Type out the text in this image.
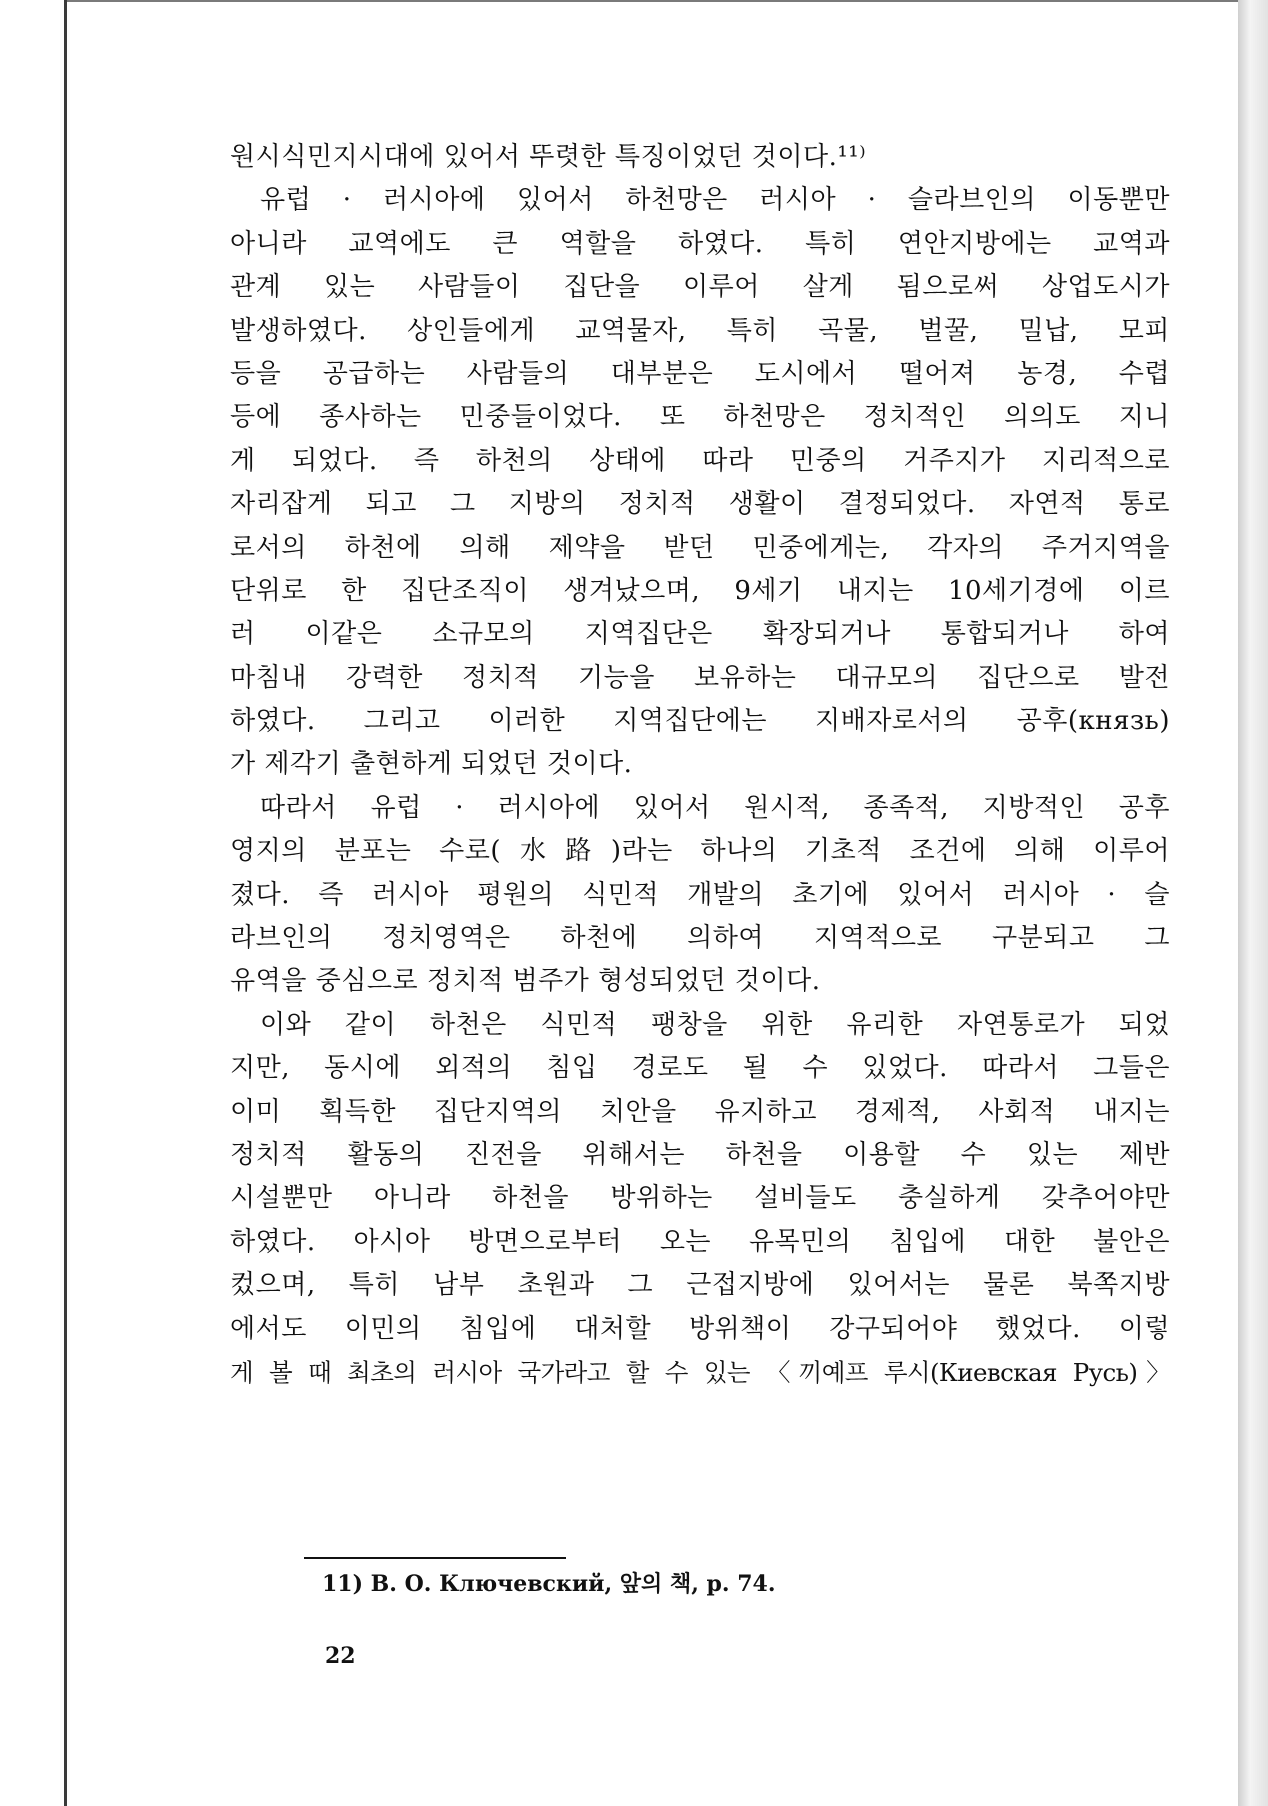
원시식민지시대에 있어서 뚜렷한 특징이었던 것이다.¹¹⁾
유럽 · 러시아에 있어서 하천망은 러시아 · 슬라브인의 이동뿐만
아니라 교역에도 큰 역할을 하였다. 특히 연안지방에는 교역과
관계 있는 사람들이 집단을 이루어 살게 됨으로써 상업도시가
발생하였다. 상인들에게 교역물자, 특히 곡물, 벌꿀, 밀납, 모피
등을 공급하는 사람들의 대부분은 도시에서 떨어져 농경, 수렵
등에 종사하는 민중들이었다. 또 하천망은 정치적인 의의도 지니
게 되었다. 즉 하천의 상태에 따라 민중의 거주지가 지리적으로
자리잡게 되고 그 지방의 정치적 생활이 결정되었다. 자연적 통로
로서의 하천에 의해 제약을 받던 민중에게는, 각자의 주거지역을
단위로 한 집단조직이 생겨났으며, 9세기 내지는 10세기경에 이르
러 이같은 소규모의 지역집단은 확장되거나 통합되거나 하여
마침내 강력한 정치적 기능을 보유하는 대규모의 집단으로 발전
하였다. 그리고 이러한 지역집단에는 지배자로서의 공후(князь)
가 제각기 출현하게 되었던 것이다.
따라서 유럽 · 러시아에 있어서 원시적, 종족적, 지방적인 공후
영지의 분포는 수로(水路)라는 하나의 기초적 조건에 의해 이루어
졌다. 즉 러시아 평원의 식민적 개발의 초기에 있어서 러시아 · 슬
라브인의 정치영역은 하천에 의하여 지역적으로 구분되고 그
유역을 중심으로 정치적 범주가 형성되었던 것이다.
이와 같이 하천은 식민적 팽창을 위한 유리한 자연통로가 되었
지만, 동시에 외적의 침입 경로도 될 수 있었다. 따라서 그들은
이미 획득한 집단지역의 치안을 유지하고 경제적, 사회적 내지는
정치적 활동의 진전을 위해서는 하천을 이용할 수 있는 제반
시설뿐만 아니라 하천을 방위하는 설비들도 충실하게 갖추어야만
하였다. 아시아 방면으로부터 오는 유목민의 침입에 대한 불안은
컸으며, 특히 남부 초원과 그 근접지방에 있어서는 물론 북쪽지방
에서도 이민의 침입에 대처할 방위책이 강구되어야 했었다. 이렇
게 볼 때 최초의 러시아 국가라고 할 수 있는 〈끼예프 루시(Киевская Русь)〉
11) В. О. Ключевский, 앞의 책, p. 74.
22
